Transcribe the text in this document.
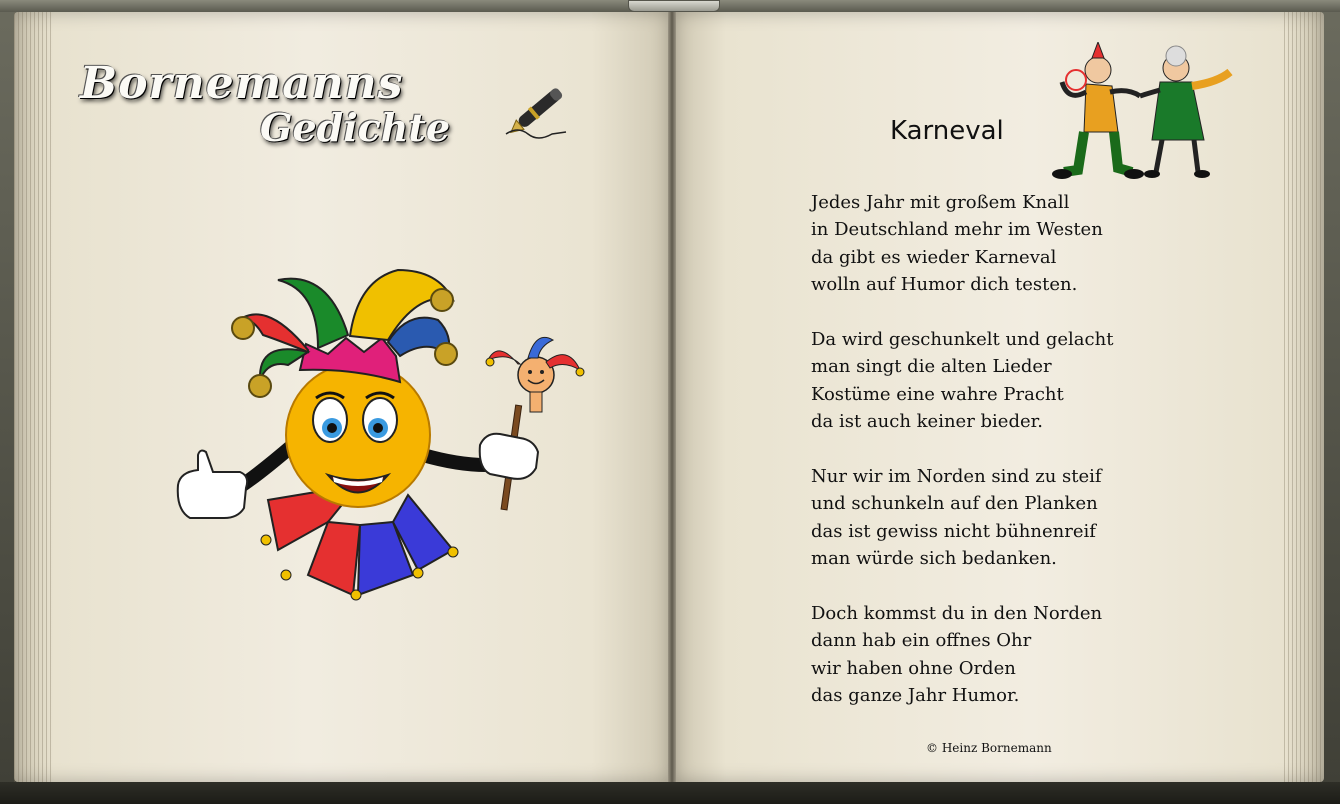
Bornemanns
Gedichte	Karneval
Jedes Jahr mit großem Knall
in Deutschland mehr im Westen
da gibt es wieder Karneval
wolln auf Humor dich testen.
Da wird geschunkelt und gelacht
man singt die alten Lieder
Kostüme eine wahre Pracht
da ist auch keiner bieder.
Nur wir im Norden sind zu steif
und schunkeln auf den Planken
das ist gewiss nicht bühnenreif
man würde sich bedanken.
Doch kommst du in den Norden
dann hab ein offnes Ohr
wir haben ohne Orden
das ganze Jahr Humor.
© Heinz Bornemann
